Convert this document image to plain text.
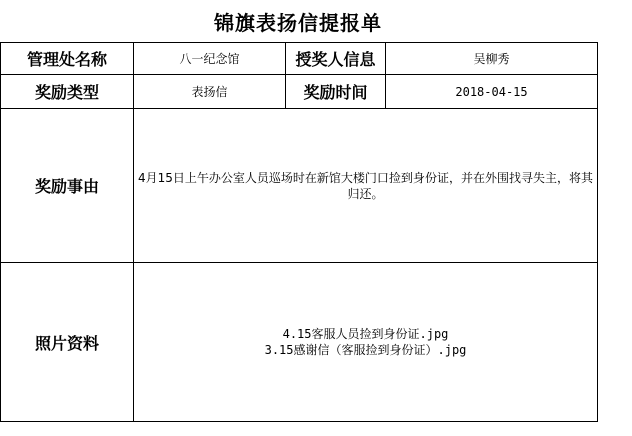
锦旗表扬信提报单
管理处名称	八一纪念馆	授奖人信息	吴柳秀
奖励类型	表扬信	奖励时间	2018-04-15
奖励事由	4月15日上午办公室人员巡场时在新馆大楼门口捡到身份证，并在外围找寻失主，将其归还。		
照片资料	4.15客服人员捡到身份证.jpg
3.15感谢信（客服捡到身份证）.jpg		
